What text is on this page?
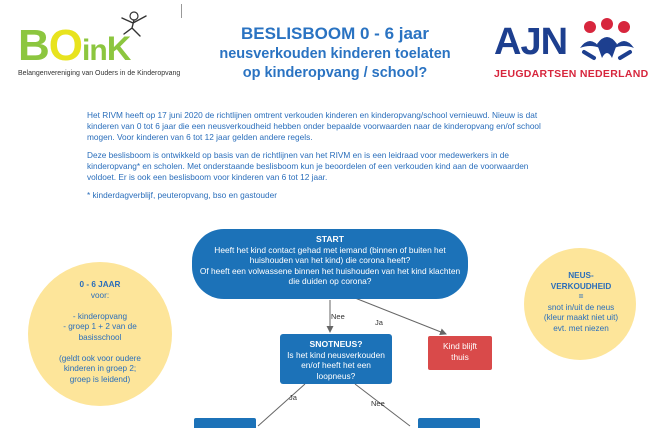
BOinK
Belangenvereniging van Ouders in de Kinderopvang
BESLISBOOM 0 - 6 jaar
neusverkouden kinderen toelaten
op kinderopvang / school?
AJN
JEUGDARTSEN NEDERLAND
Het RIVM heeft op 17 juni 2020 de richtlijnen omtrent verkouden kinderen en kinderopvang/school vernieuwd. Nieuw is dat
kinderen van 0 tot 6 jaar die een neusverkoudheid hebben onder bepaalde voorwaarden naar de kinderopvang en/of school
mogen. Voor kinderen van 6 tot 12 jaar gelden andere regels.
Deze beslisboom is ontwikkeld op basis van de richtlijnen van het RIVM en is een leidraad voor medewerkers in de
kinderopvang* en scholen. Met onderstaande beslisboom kun je beoordelen of een verkouden kind aan de voorwaarden
voldoet. Er is ook een beslisboom voor kinderen van 6 tot 12 jaar.
* kinderdagverblijf, peuteropvang, bso en gastouder
START
Heeft het kind contact gehad met iemand (binnen of buiten het
huishouden van het kind) die corona heeft?
Of heeft een volwassene binnen het huishouden van het kind klachten
die duiden op corona?
SNOTNEUS?
Is het kind neusverkouden
en/of heeft het een
loopneus?
Kind blijft
thuis
Nee
Ja
Ja
Nee
0 - 6 JAAR
voor:

- kinderopvang
- groep 1 + 2 van de
basisschool

(geldt ook voor oudere
kinderen in groep 2;
groep is leidend)
NEUS-
VERKOUDHEID
=
snot in/uit de neus
(kleur maakt niet uit)
evt. met niezen
